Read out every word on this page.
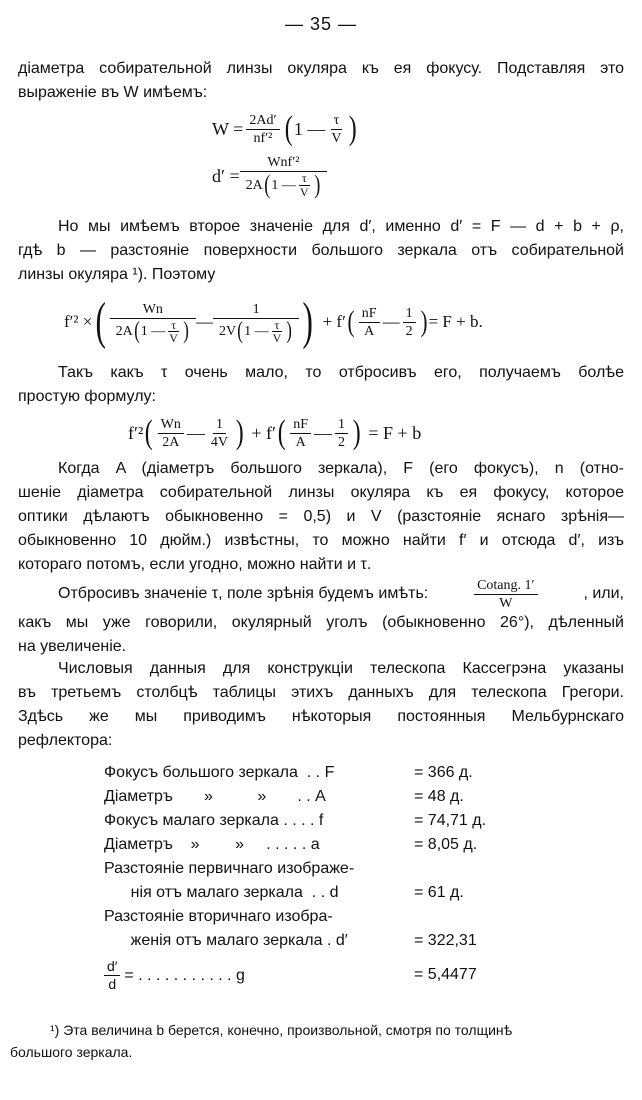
— 35 —
діаметра собирательной линзы окуляра къ ея фокусу. Подставляя это
выраженіе въ W имѣемъ:
$W = \frac{2Ad'}{\text{nf′²}}$ ( 1 — $\frac{\tau}{V}$ )
d′ =
Wnf′²
2A ( 1 — $\frac{\tau}{V}$ )
Но мы имѣемъ второе значеніе для d′, именно d′ = F — d + b + ρ,
гдѣ b — разстояніе поверхности большого зеркала отъ собирательной
линзы окуляра ¹). Поэтому
f′² × (	Wn
2A ( 1 — $\frac{\tau}{V}$ ) —
1
2V ( 1 — $\frac{\tau}{V}$ ) ) + f′ ( $\frac{nF}{A}$ — $\frac{1}{2}$ ) = F + b.
Такъ какъ τ очень мало, то отбросивъ его, получаемъ болѣе
простую формулу:
f′² ( $\frac{Wn}{2A}$ — $\frac{1}{4V}$ ) + f′ ( $\frac{nF}{A}$ — $\frac{1}{2}$ ) = F + b
Когда A (діаметръ большого зеркала), F (его фокусъ), n (отно-
шеніе діаметра собирательной линзы окуляра къ ея фокусу, которое
оптики дѣлаютъ обыкновенно = 0,5) и V (разстояніе яснаго зрѣнія—
обыкновенно 10 дюйм.) извѣстны, то можно найти f′ и отсюда d′, изъ
котораго потомъ, если угодно, можно найти и τ.
Отбросивъ значеніе τ, поле зрѣнія будемъ имѣть:	$\frac{Cotang. 1'}{W}$	, или,
какъ мы уже говорили, окулярный уголъ (обыкновенно 26°), дѣленный
на увеличеніе.
Числовыя данныя для конструкціи телескопа Кассегрэна указаны
въ третьемъ столбцѣ таблицы этихъ данныхъ для телескопа Грегори.
Здѣсь же мы приводимъ нѣкоторыя постоянныя Мельбурнскаго
рефлектора:
Фокусъ большого зеркала  . . F	= 366 д.
Діаметръ       »          »       . . A	= 48 д.
Фокусъ малаго зеркала . . . . f	= 74,71 д.
Діаметръ    »        »     . . . . . a	= 8,05 д.
Разстояніе первичнаго изображе-
нія отъ малаго зеркала  . . d	= 61 д.
Разстояніе вторичнаго изобра-
женія отъ малаго зеркала . d′	= 322,31
$\frac{d'}{d}$ = . . . . . . . . . . . g	= 5,4477
¹) Эта величина b берется, конечно, произвольной, смотря по толщинѣ
большого зеркала.
